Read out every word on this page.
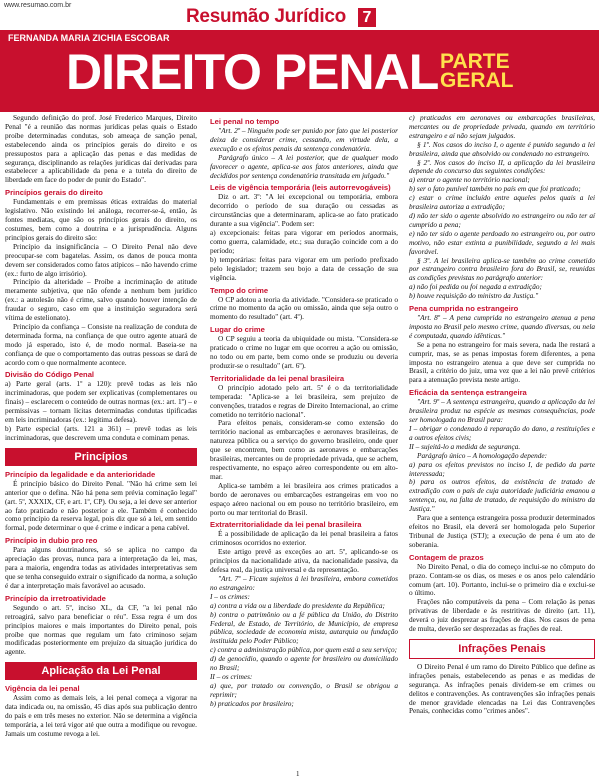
www.resumao.com.br
Resumão Jurídico 7
FERNANDA MARIA ZICHIA ESCOBAR
DIREITO PENAL PARTE
GERAL

Segundo definição do prof. José Frederico Marques, Direito Penal "é a reunião das normas jurídicas pelas quais o Estado proíbe determinadas condutas, sob ameaça de sanção penal, estabelecendo ainda os princípios gerais do direito e os pressupostos para a aplicação das penas e das medidas de segurança, disciplinando as relações jurídicas daí derivadas para estabelecer a aplicabilidade da pena e a tutela do direito de liberdade em face do poder de punir do Estado".

Princípios gerais do direito

Fundamentais e em premissas éticas extraídas do material legislativo. Não existindo lei análoga, recorrer-se-á, então, às fontes mediatas, que são os princípios gerais do direito, os costumes, bem como a doutrina e a jurisprudência. Alguns princípios gerais do direito são:

Princípio da insignificância – O Direito Penal não deve preocupar-se com bagatelas. Assim, os danos de pouca monta devem ser considerados como fatos atípicos – não havendo crime (ex.: furto de algo irrisório).

Princípio da alteridade – Proíbe a incriminação de atitude meramente subjetiva, que não ofende a nenhum bem jurídico (ex.: a autolesão não é crime, salvo quando houver intenção de fraudar o seguro, caso em que a instituição seguradora será vítima de estelionato).

Princípio da confiança – Consiste na realização de conduta de determinada forma, na confiança de que outro agente atuará de modo já esperado, isto é, de modo normal. Baseia-se na confiança de que o comportamento das outras pessoas se dará de acordo com o que normalmente acontece.

Divisão do Código Penal

a) Parte geral (arts. 1º a 120): prevê todas as leis não incriminadoras, que podem ser explicativas (complementares ou finais) – esclarecem o conteúdo de outras normas (ex.: art. 1º) – e permissivas – tornam lícitas determinadas condutas tipificadas em leis incriminadoras (ex.: legítima defesa).

b) Parte especial (arts. 121 a 361) – prevê todas as leis incriminadoras, que descrevem uma conduta e cominam penas.

Princípios
Princípio da legalidade e da anterioridade

É princípio básico do Direito Penal. "Não há crime sem lei anterior que o defina. Não há pena sem prévia cominação legal" (art. 5º, XXXIX, CF, e art. 1º, CP). Ou seja, a lei deve ser anterior ao fato praticado e não posterior a ele. Também é conhecido como princípio da reserva legal, pois diz que só a lei, em sentido formal, pode determinar o que é crime e indicar a pena cabível.

Princípio in dubio pro reo

Para alguns doutrinadores, só se aplica no campo da apreciação das provas, nunca para a interpretação da lei, mas, para a maioria, engendra todas as atividades interpretativas sem que se tenha conseguido extrair o significado da norma, a solução é dar a interpretação mais favorável ao acusado.

Princípio da irretroatividade

Segundo o art. 5º, inciso XL, da CF, "a lei penal não retroagirá, salvo para beneficiar o réu". Essa regra é um dos princípios maiores e mais importantes do Direito penal, pois proíbe que normas que regulam um fato criminoso sejam modificadas posteriormente em prejuízo da situação jurídica do agente.

Aplicação da Lei Penal
Vigência da lei penal

Assim como as demais leis, a lei penal começa a vigorar na data indicada ou, na omissão, 45 dias após sua publicação dentro do país e em três meses no exterior. Não se determina a vigência temporária, a lei terá vigor até que outra a modifique ou revogue. Jamais um costume revoga a lei.

Lei penal no tempo

"Art. 2º – Ninguém pode ser punido por fato que lei posterior deixa de considerar crime, cessando, em virtude dela, a execução e os efeitos penais da sentença condenatória.

Parágrafo único – A lei posterior, que de qualquer modo favorecer o agente, aplica-se aos fatos anteriores, ainda que decididos por sentença condenatória transitada em julgado."

Leis de vigência temporária (leis autorrevogáveis)

Diz o art. 3º: "A lei excepcional ou temporária, embora decorrido o período de sua duração ou cessadas as circunstâncias que a determinaram, aplica-se ao fato praticado durante a sua vigência". Podem ser:

a) excepcionais: feitas para vigorar em períodos anormais, como guerra, calamidade, etc.; sua duração coincide com a do período;

b) temporárias: feitas para vigorar em um período prefixado pelo legislador; trazem seu bojo a data de cessação de sua vigência.

Tempo do crime

O CP adotou a teoria da atividade. "Considera-se praticado o crime no momento da ação ou omissão, ainda que seja outro o momento do resultado" (art. 4º).

Lugar do crime

O CP seguiu a teoria da ubiquidade ou mista. "Considera-se praticado o crime no lugar em que ocorreu a ação ou omissão, no todo ou em parte, bem como onde se produziu ou deveria produzir-se o resultado" (art. 6º).

Territorialidade da lei penal brasileira

O princípio adotado pelo art. 5º é o da territorialidade temperada: "Aplica-se a lei brasileira, sem prejuízo de convenções, tratados e regras de Direito Internacional, ao crime cometido no território nacional".

Para efeitos penais, consideram-se como extensão do território nacional as embarcações e aeronaves brasileiras, de natureza pública ou a serviço do governo brasileiro, onde quer que se encontrem, bem como as aeronaves e embarcações brasileiras, mercantes ou de propriedade privada, que se achem, respectivamente, no espaço aéreo correspondente ou em alto-mar.

Aplica-se também a lei brasileira aos crimes praticados a bordo de aeronaves ou embarcações estrangeiras em voo no espaço aéreo nacional ou em pouso no território brasileiro, em porto ou mar territorial do Brasil.

Extraterritorialidade da lei penal brasileira

É a possibilidade de aplicação da lei penal brasileira a fatos criminosos ocorridos no exterior.

Este artigo prevê as exceções ao art. 5º, aplicando-se os princípios da nacionalidade ativa, da nacionalidade passiva, da defesa real, da justiça universal e da representação.

"Art. 7º – Ficam sujeitos à lei brasileira, embora cometidos no estrangeiro:

I – os crimes:

a) contra a vida ou a liberdade do presidente da República;

b) contra o patrimônio ou a fé pública da União, do Distrito Federal, de Estado, de Território, de Município, de empresa pública, sociedade de economia mista, autarquia ou fundação instituída pelo Poder Público;

c) contra a administração pública, por quem está a seu serviço;

d) de genocídio, quando o agente for brasileiro ou domiciliado no Brasil;

II – os crimes:

a) que, por tratado ou convenção, o Brasil se obrigou a reprimir;

b) praticados por brasileiro;

c) praticados em aeronaves ou embarcações brasileiras, mercantes ou de propriedade privada, quando em território estrangeiro e aí não sejam julgados.

§ 1º. Nos casos do inciso I, o agente é punido segundo a lei brasileira, ainda que absolvido ou condenado no estrangeiro.

§ 2º. Nos casos do inciso II, a aplicação da lei brasileira depende do concurso das seguintes condições:

a) entrar o agente no território nacional;

b) ser o fato punível também no país em que foi praticado;

c) estar o crime incluído entre aqueles pelos quais a lei brasileira autoriza a extradição;

d) não ter sido o agente absolvido no estrangeiro ou não ter aí cumprido a pena;

e) não ter sido o agente perdoado no estrangeiro ou, por outro motivo, não estar extinta a punibilidade, segundo a lei mais favorável.

§ 3º. A lei brasileira aplica-se também ao crime cometido por estrangeiro contra brasileiro fora do Brasil, se, reunidas as condições previstas no parágrafo anterior:

a) não foi pedida ou foi negada a extradição;

b) houve requisição do ministro da Justiça."

Pena cumprida no estrangeiro

"Art. 8º – A pena cumprida no estrangeiro atenua a pena imposta no Brasil pelo mesmo crime, quando diversas, ou nela é computada, quando idênticas."

Se a pena no estrangeiro for mais severa, nada lhe restará a cumprir, mas, se as penas impostas forem diferentes, a pena imposta no estrangeiro atenua a que deve ser cumprida no Brasil, a critério do juiz, uma vez que a lei não prevê critérios para a atenuação prevista neste artigo.

Eficácia da sentença estrangeira

"Art. 9º – A sentença estrangeira, quando a aplicação da lei brasileira produz na espécie as mesmas consequências, pode ser homologada no Brasil para:

I – obrigar o condenado à reparação do dano, a restituições e a outros efeitos civis;

II – sujeitá-lo a medida de segurança.

Parágrafo único – A homologação depende:

a) para os efeitos previstos no inciso I, de pedido da parte interessada;

b) para os outros efeitos, da existência de tratado de extradição com o país de cuja autoridade judiciária emanou a sentença, ou, na falta de tratado, de requisição do ministro da Justiça."

Para que a sentença estrangeira possa produzir determinados efeitos no Brasil, ela deverá ser homologada pelo Superior Tribunal de Justiça (STJ); a execução de pena é um ato de soberania.

Contagem de prazos

No Direito Penal, o dia do começo inclui-se no cômputo do prazo. Contam-se os dias, os meses e os anos pelo calendário comum (art. 10). Portanto, inclui-se o primeiro dia e exclui-se o último.

Frações não computáveis da pena – Com relação às penas privativas de liberdade e às restritivas de direito (art. 11), deverá o juiz desprezar as frações de dias. Nos casos de pena de multa, deverão ser desprezadas as frações de real.

Infrações Penais

O Direito Penal é um ramo do Direito Público que define as infrações penais, estabelecendo as penas e as medidas de segurança. As infrações penais dividem-se em crimes ou delitos e contravenções. As contravenções são infrações penais de menor gravidade elencadas na Lei das Contravenções Penais, conhecidas como "crimes anões".

1
